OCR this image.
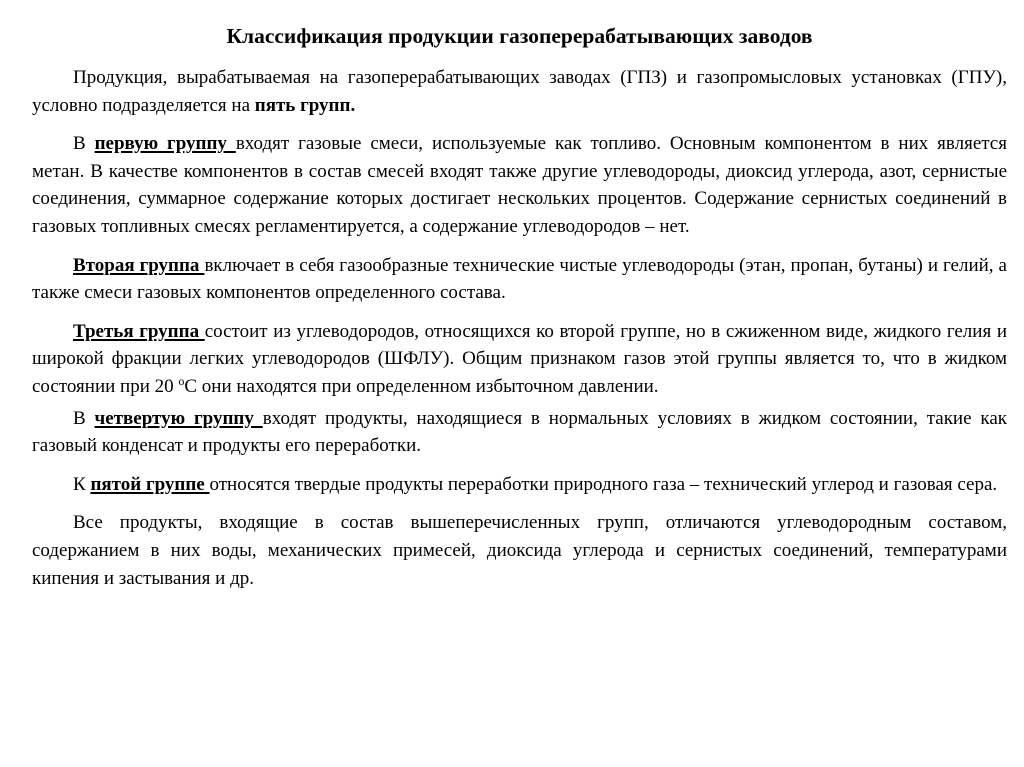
Классификация продукции газоперерабатывающих заводов

Продукция, вырабатываемая на газоперерабатывающих заводах (ГПЗ) и газопромысловых установках (ГПУ), условно подразделяется на пять групп.

В первую группу входят газовые смеси, используемые как топливо. Основным компонентом в них является метан. В качестве компонентов в состав смесей входят также другие углеводороды, диоксид углерода, азот, сернистые соединения, суммарное содержание которых достигает нескольких процентов. Содержание сернистых соединений в газовых топливных смесях регламентируется, а содержание углеводородов – нет.

Вторая группа включает в себя газообразные технические чистые углеводороды (этан, пропан, бутаны) и гелий, а также смеси газовых компонентов определенного состава.

Третья группа состоит из углеводородов, относящихся ко второй группе, но в сжиженном виде, жидкого гелия и широкой фракции легких углеводородов (ШФЛУ). Общим признаком газов этой группы является то, что в жидком состоянии при 20 $^о$С они находятся при определенном избыточном давлении.

В четвертую группу входят продукты, находящиеся в нормальных условиях в жидком состоянии, такие как газовый конденсат и продукты его переработки.

К пятой группе относятся твердые продукты переработки природного газа – технический углерод и газовая сера.

Все продукты, входящие в состав вышеперечисленных групп, отличаются углеводородным составом, содержанием в них воды, механических примесей, диоксида углерода и сернистых соединений, температурами кипения и застывания и др.
